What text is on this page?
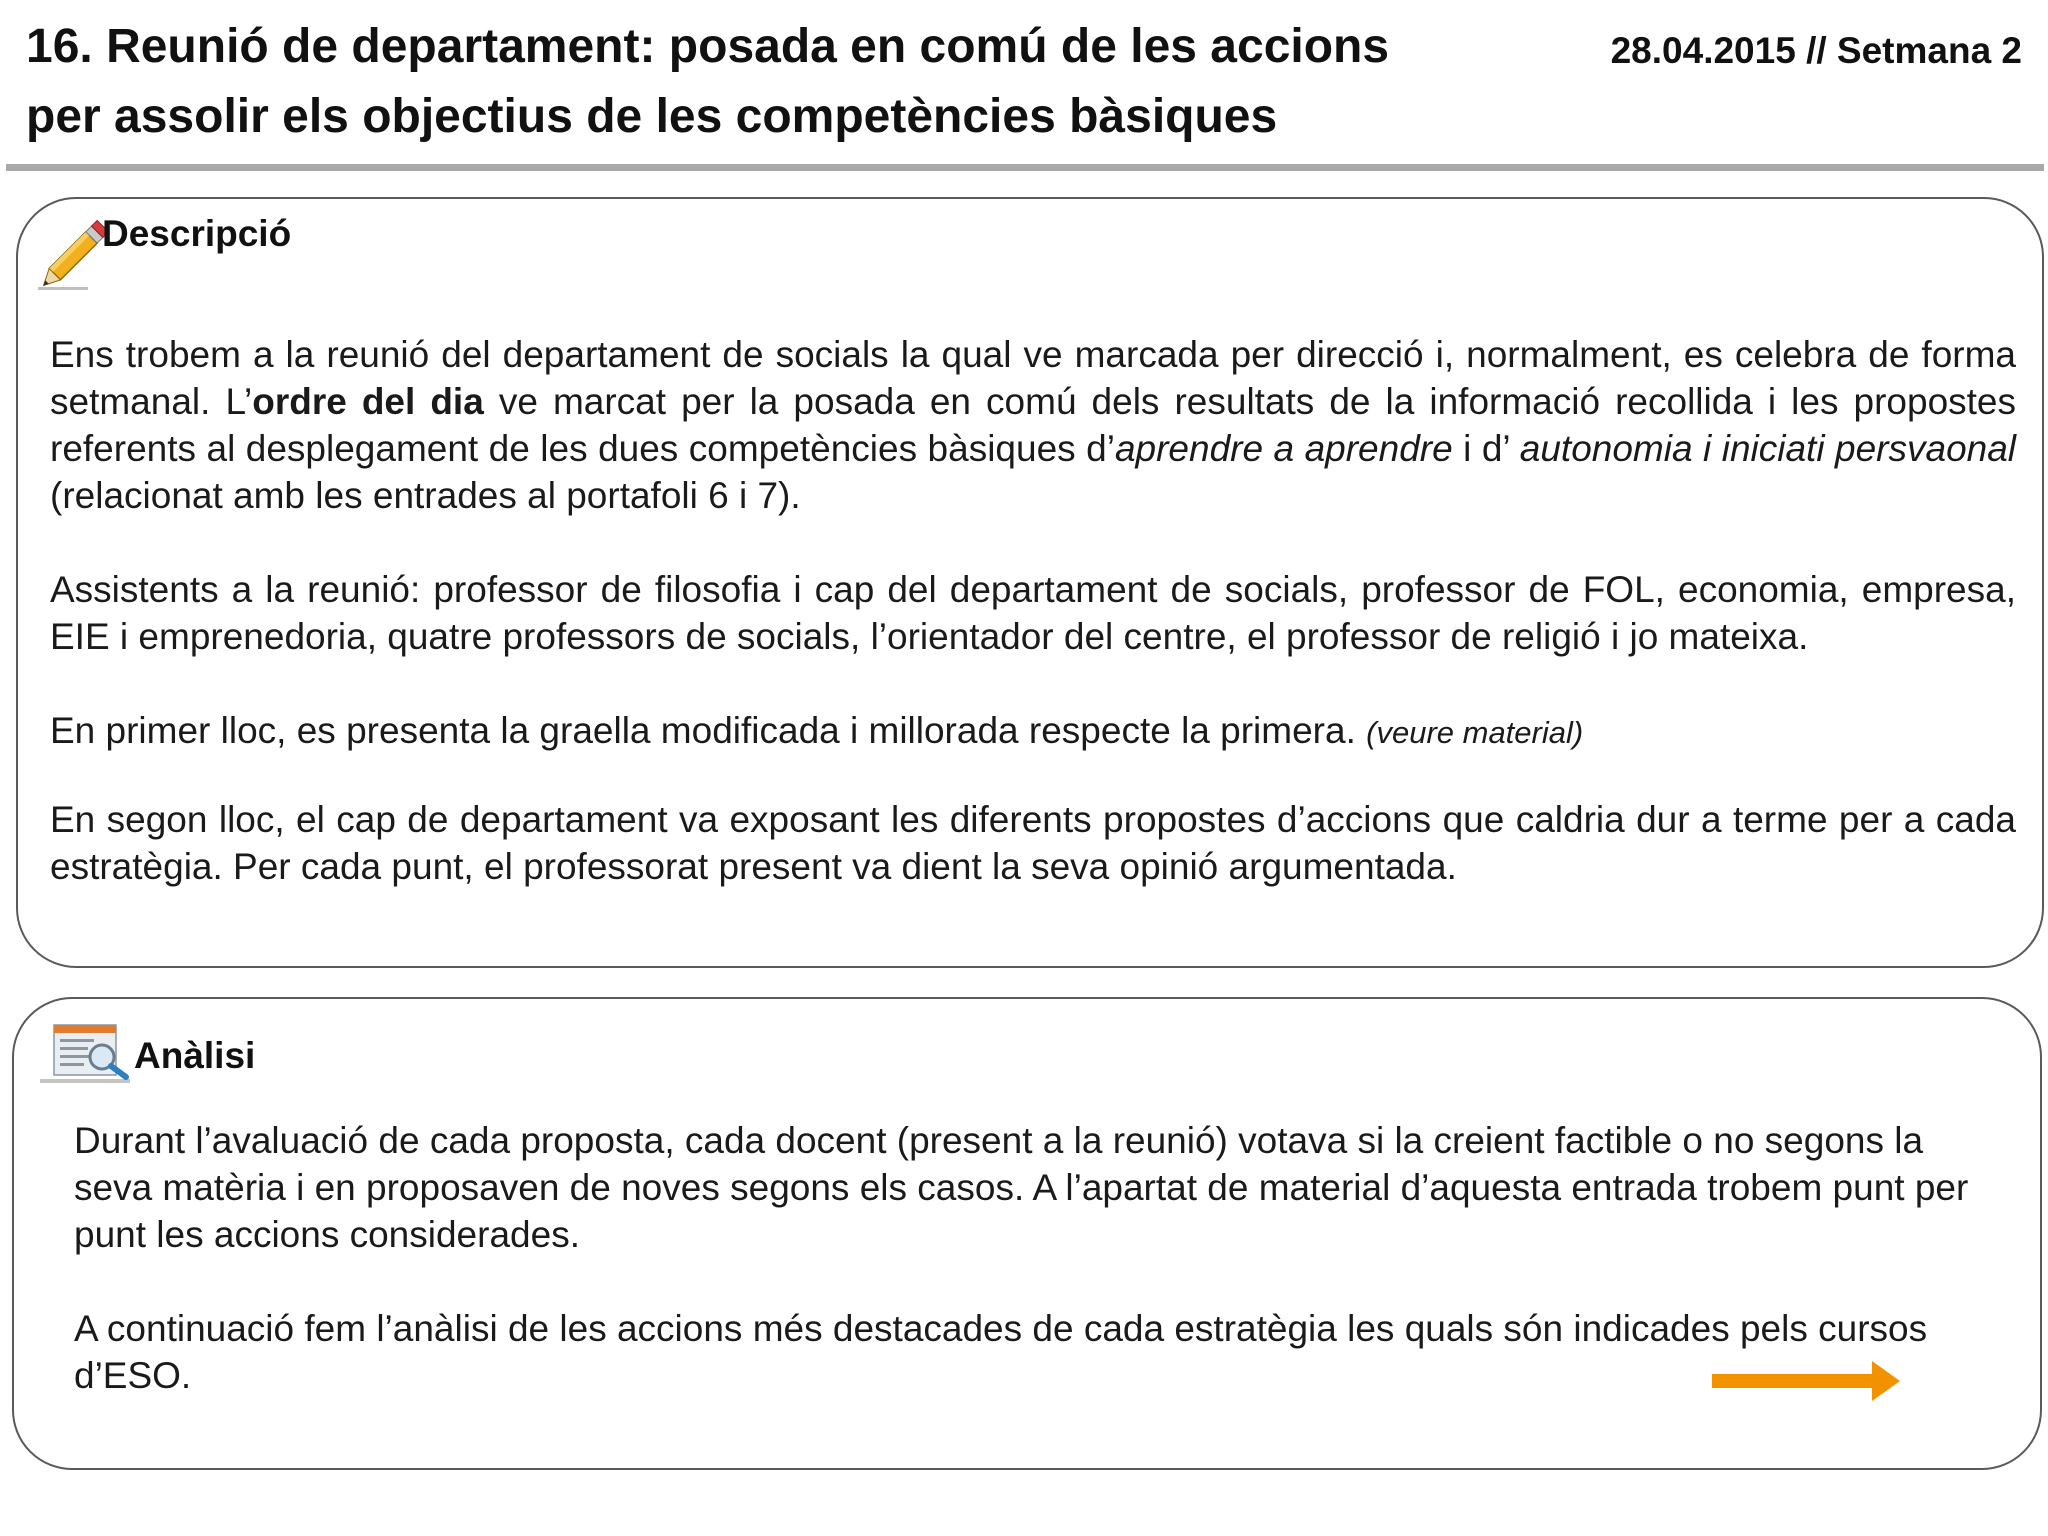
16. Reunió de departament: posada en comú de les accions
per assolir els objectius de les competències bàsiques
28.04.2015 // Setmana 2
Descripció

Ens trobem a la reunió del departament de socials la qual ve marcada per direcció i, normalment, es celebra de forma setmanal. L’ordre del dia ve marcat per la posada en comú dels resultats de la informació recollida i les propostes referents al desplegament de les dues competències bàsiques d’aprendre a aprendre i d’ autonomia i iniciati persvaonal (relacionat amb les entrades al portafoli 6 i 7).

Assistents a la reunió: professor de filosofia i cap del departament de socials, professor de FOL, economia, empresa, EIE i emprenedoria, quatre professors de socials, l’orientador del centre, el professor de religió i jo mateixa.

En primer lloc, es presenta la graella modificada i millorada respecte la primera. (veure material)

En segon lloc, el cap de departament va exposant les diferents propostes d’accions que caldria dur a terme per a cada estratègia. Per cada punt, el professorat present va dient la seva opinió argumentada.

Anàlisi

Durant l’avaluació de cada proposta, cada docent (present a la reunió) votava si la creient factible o no segons la seva matèria i en proposaven de noves segons els casos. A l’apartat de material d’aquesta entrada trobem punt per punt les accions considerades.

A continuació fem l’anàlisi de les accions més destacades de cada estratègia les quals són indicades pels cursos d’ESO.
